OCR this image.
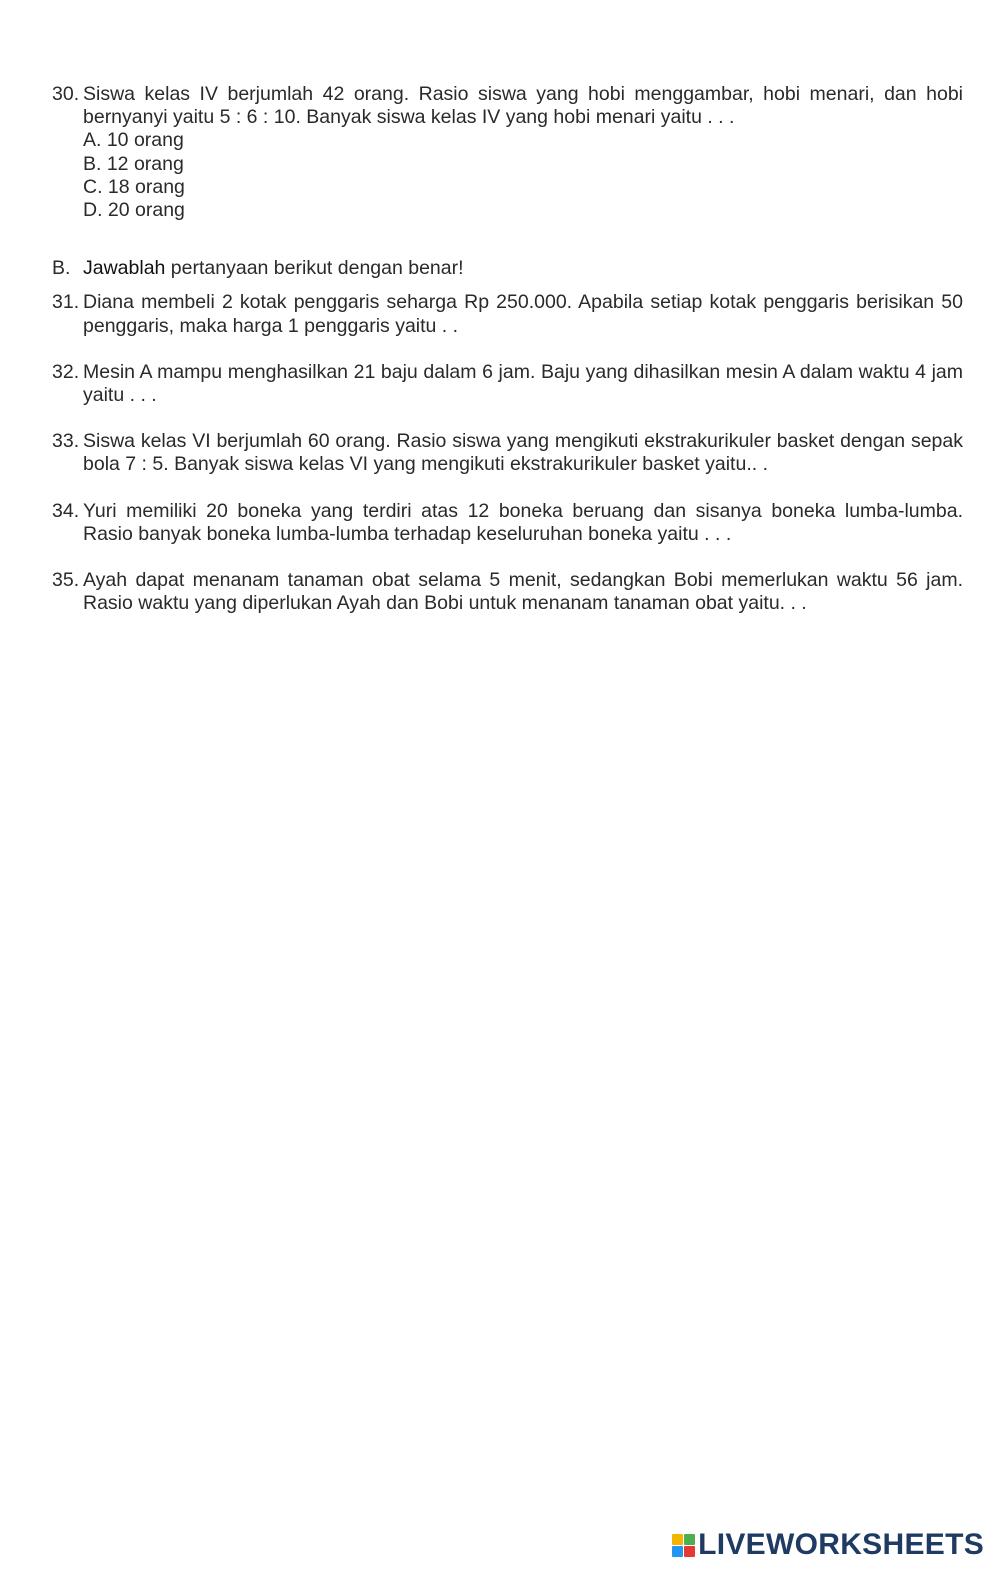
30. Siswa kelas IV berjumlah 42 orang. Rasio siswa yang hobi menggambar, hobi menari, dan hobi bernyanyi yaitu 5 : 6 : 10. Banyak siswa kelas IV yang hobi menari yaitu . . .
A. 10 orang
B. 12 orang
C. 18 orang
D. 20 orang
B. Jawablah pertanyaan berikut dengan benar!
31. Diana membeli 2 kotak penggaris seharga Rp 250.000. Apabila setiap kotak penggaris berisikan 50 penggaris, maka harga 1 penggaris yaitu . .
32. Mesin A mampu menghasilkan 21 baju dalam 6 jam. Baju yang dihasilkan mesin A dalam waktu 4 jam yaitu . . .
33. Siswa kelas VI berjumlah 60 orang. Rasio siswa yang mengikuti ekstrakurikuler basket dengan sepak bola 7 : 5. Banyak siswa kelas VI yang mengikuti ekstrakurikuler basket yaitu.. .
34. Yuri memiliki 20 boneka yang terdiri atas 12 boneka beruang dan sisanya boneka lumba-lumba. Rasio banyak boneka lumba-lumba terhadap keseluruhan boneka yaitu . . .
35. Ayah dapat menanam tanaman obat selama 5 menit, sedangkan Bobi memerlukan waktu 56 jam. Rasio waktu yang diperlukan Ayah dan Bobi untuk menanam tanaman obat yaitu. . .
LIVEWORKSHEETS
